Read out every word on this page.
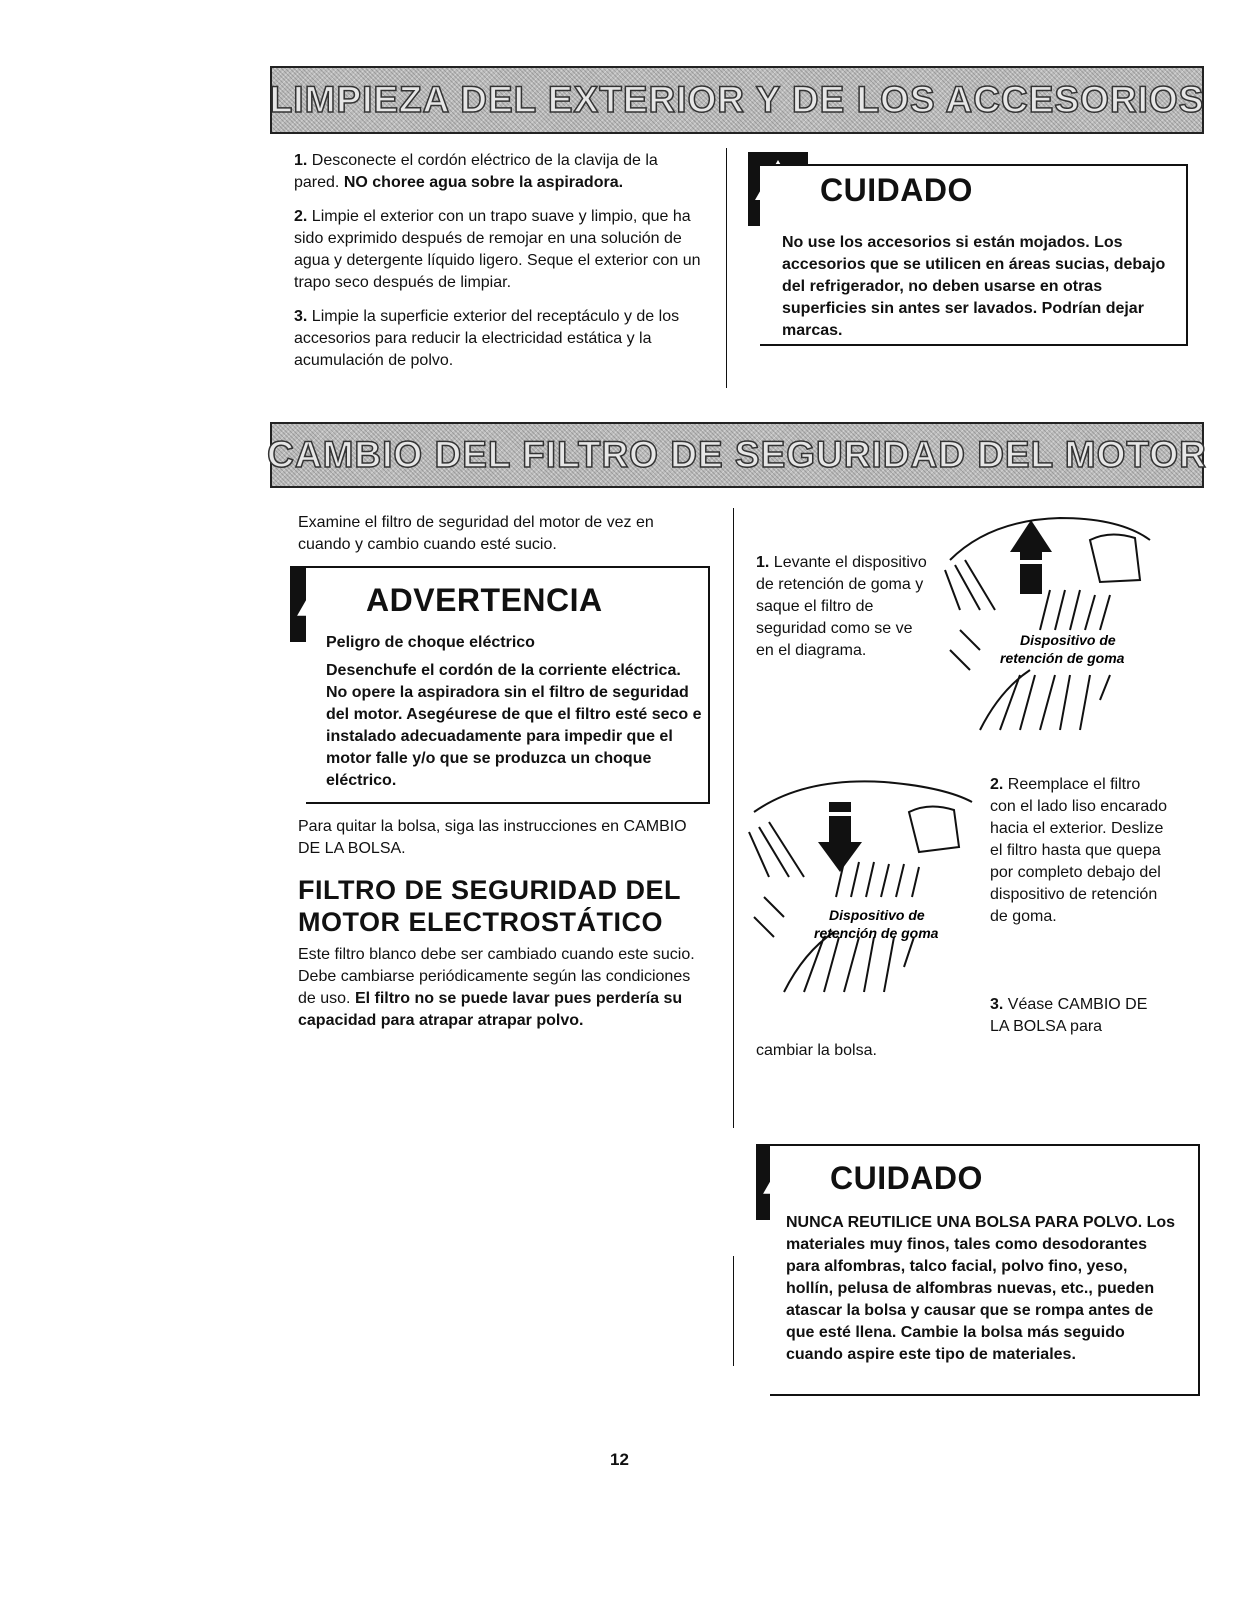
LIMPIEZA DEL EXTERIOR Y DE LOS ACCESORIOS
1. Desconecte el cordón eléctrico de la clavija de la pared. NO choree agua sobre la aspiradora.
2. Limpie el exterior con un trapo suave y limpio, que ha sido exprimido después de remojar en una solución de agua y detergente líquido ligero. Seque el exterior con un trapo seco después de limpiar.
3. Limpie la superficie exterior del receptáculo y de los accesorios para reducir la electricidad estática y la acumulación de polvo.
CUIDADO
No use los accesorios si están mojados. Los accesorios que se utilicen en áreas sucias, debajo del refrigerador, no deben usarse en otras superficies sin antes ser lavados. Podrían dejar marcas.
CAMBIO DEL FILTRO DE SEGURIDAD DEL MOTOR
Examine el filtro de seguridad del motor de vez en cuando y cambio cuando esté sucio.
ADVERTENCIA
Peligro de choque eléctrico
Desenchufe el cordón de la corriente eléctrica. No opere la aspiradora sin el filtro de seguridad del motor. Asegéurese de que el filtro esté seco e instalado adecuadamente para impedir que el motor falle y/o que se produzca un choque eléctrico.
Para quitar la bolsa, siga las instrucciones en CAMBIO DE LA BOLSA.
FILTRO DE SEGURIDAD DEL
MOTOR ELECTROSTÁTICO
Este filtro blanco debe ser cambiado cuando este sucio. Debe cambiarse periódicamente según las condiciones de uso. El filtro no se puede lavar pues perdería su capacidad para atrapar atrapar polvo.
1. Levante el dispositivo de retención de goma y saque el filtro de seguridad como se ve en el diagrama.
Dispositivo de
retención de goma
Dispositivo de
retención de goma
2. Reemplace el filtro con el lado liso encarado hacia el exterior. Deslize el filtro hasta que quepa por completo debajo del dispositivo de retención de goma.
3. Véase CAMBIO DE LA BOLSA para
cambiar la bolsa.
CUIDADO
NUNCA REUTILICE UNA BOLSA PARA POLVO. Los materiales muy finos, tales como desodorantes para alfombras, talco facial, polvo fino, yeso, hollín, pelusa de alfombras nuevas, etc., pueden atascar la bolsa y causar que se rompa antes de que esté llena. Cambie la bolsa más seguido cuando aspire este tipo de materiales.
12
